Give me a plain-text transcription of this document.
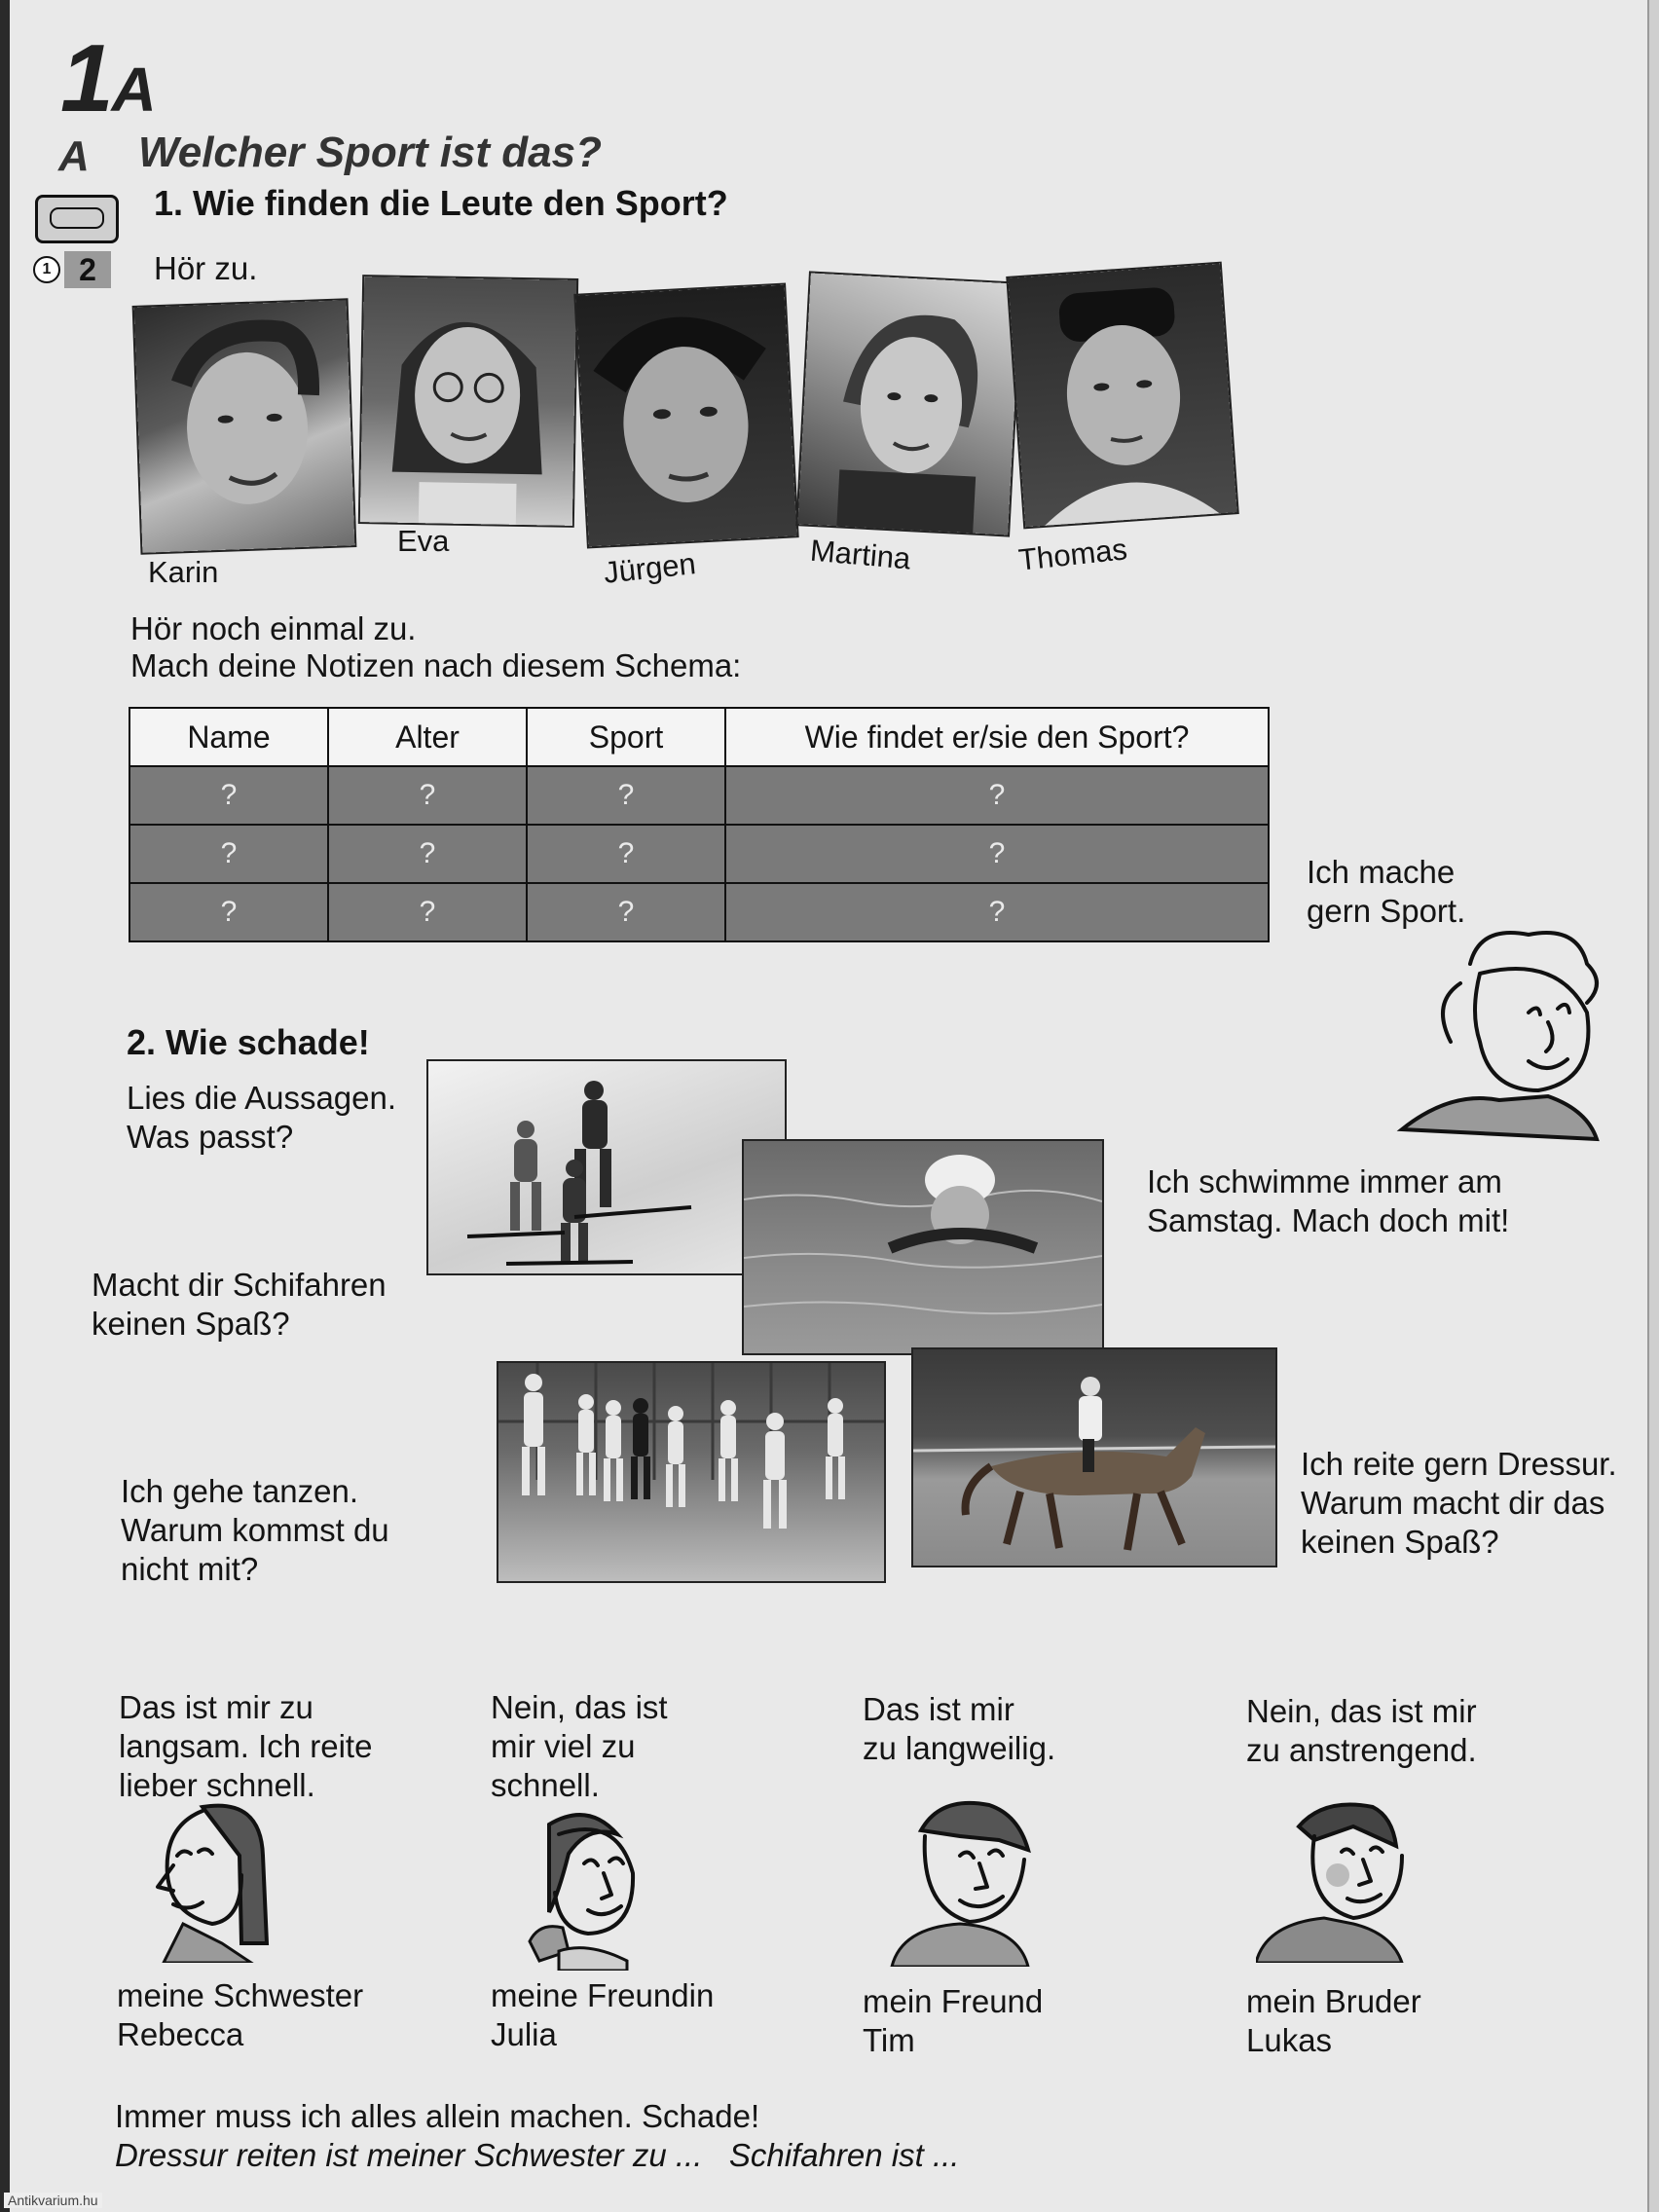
1A
A Welcher Sport ist das?
1. Wie finden die Leute den Sport?
1 2	Hör zu.
Karin
Eva
Jürgen	Martina	Thomas
Hör noch einmal zu.
Mach deine Notizen nach diesem Schema:
Name	Alter	Sport	Wie findet er/sie den Sport?
?	?	?	?
?	?	?	?
?	?	?	?
Ich mache
gern Sport.
2. Wie schade!
Lies die Aussagen.
Was passt?
Ich schwimme immer am
Samstag. Mach doch mit!
Macht dir Schifahren
keinen Spaß?
Ich gehe tanzen.
Warum kommst du
nicht mit?
Ich reite gern Dressur.
Warum macht dir das
keinen Spaß?
Das ist mir zu
langsam. Ich reite
lieber schnell.
Nein, das ist
mir viel zu
schnell.
Das ist mir
zu langweilig.
Nein, das ist mir
zu anstrengend.
meine Schwester
Rebecca
meine Freundin
Julia
mein Freund
Tim
mein Bruder
Lukas
Immer muss ich alles allein machen. Schade!
Dressur reiten ist meiner Schwester zu ...   Schifahren ist ...
Antikvarium.hu
